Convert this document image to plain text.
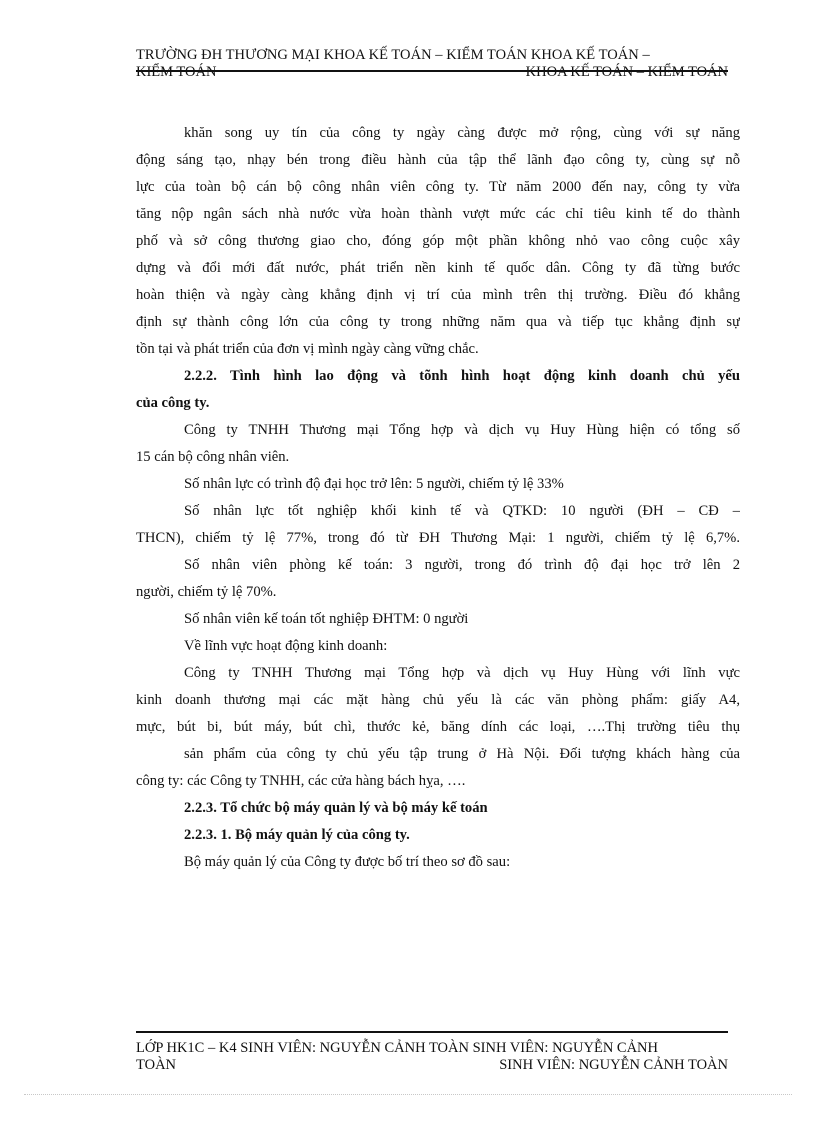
TRƯỜNG ĐH THƯƠNG MẠI KHOA KẾ TOÁN – KIỂM TOÁN KHOA KẾ TOÁN –
KIỂM TOÁN	KHOA KẾ TOÁN – KIỂM TOÁN
khăn song uy tín của công ty ngày càng được mở rộng, cùng với sự năng
động sáng tạo, nhạy bén trong điều hành của tập thể lãnh đạo công ty, cùng sự nỗ
lực của toàn bộ cán bộ công nhân viên công ty. Từ năm 2000 đến nay, công ty vừa
tăng nộp ngân sách nhà nước vừa hoàn thành vượt mức các chỉ tiêu kinh tế do thành
phố và sở công thương giao cho, đóng góp một phần không nhỏ vao công cuộc xây
dựng và đổi mới đất nước, phát triển nền kinh tế quốc dân. Công ty đã từng bước
hoàn thiện và ngày càng khẳng định vị trí của mình trên thị trường. Điều đó khẳng
định sự thành công lớn của công ty trong những năm qua và tiếp tục khẳng định sự
tồn tại và phát triển của đơn vị mình ngày càng vững chắc.
2.2.2. Tình hình lao động và tõnh hình hoạt động kinh doanh chủ yếu
của công ty.
Công ty TNHH Thương mại Tổng hợp và dịch vụ Huy Hùng hiện có tổng số
15 cán bộ công nhân viên.
Số nhân lực có trình độ đại học trở lên: 5 người, chiếm tỷ lệ 33%
Số nhân lực tốt nghiệp khối kinh tế và QTKD: 10 người (ĐH – CĐ –
THCN), chiếm tỷ lệ 77%, trong đó từ ĐH Thương Mại: 1 người, chiếm tỷ lệ 6,7%.
Số nhân viên phòng kế toán: 3 người, trong đó trình độ đại học trở lên 2
người, chiếm tỷ lệ 70%.
Số nhân viên kế toán tốt nghiệp ĐHTM: 0 người
Về lĩnh vực hoạt động kinh doanh:
Công ty TNHH Thương mại Tổng hợp và dịch vụ Huy Hùng với lĩnh vực
kinh doanh thương mại các mặt hàng chủ yếu là các văn phòng phẩm: giấy A4,
mực, bút bi, bút máy, bút chì, thước kẻ, băng dính các loại, ….Thị trường tiêu thụ
sản phẩm của công ty chủ yếu tập trung ở Hà Nội. Đối tượng khách hàng của
công ty: các Công ty TNHH, các cửa hàng bách hỵa, ….
2.2.3. Tổ chức bộ máy quản lý và bộ máy kế toán
2.2.3. 1. Bộ máy quản lý của công ty.
Bộ máy quản lý của Công ty được bố trí theo sơ đồ sau:
LỚP HK1C – K4 SINH VIÊN: NGUYỄN CẢNH TOÀN SINH VIÊN: NGUYỄN CẢNH
TOÀN	SINH VIÊN: NGUYỄN CẢNH TOÀN
